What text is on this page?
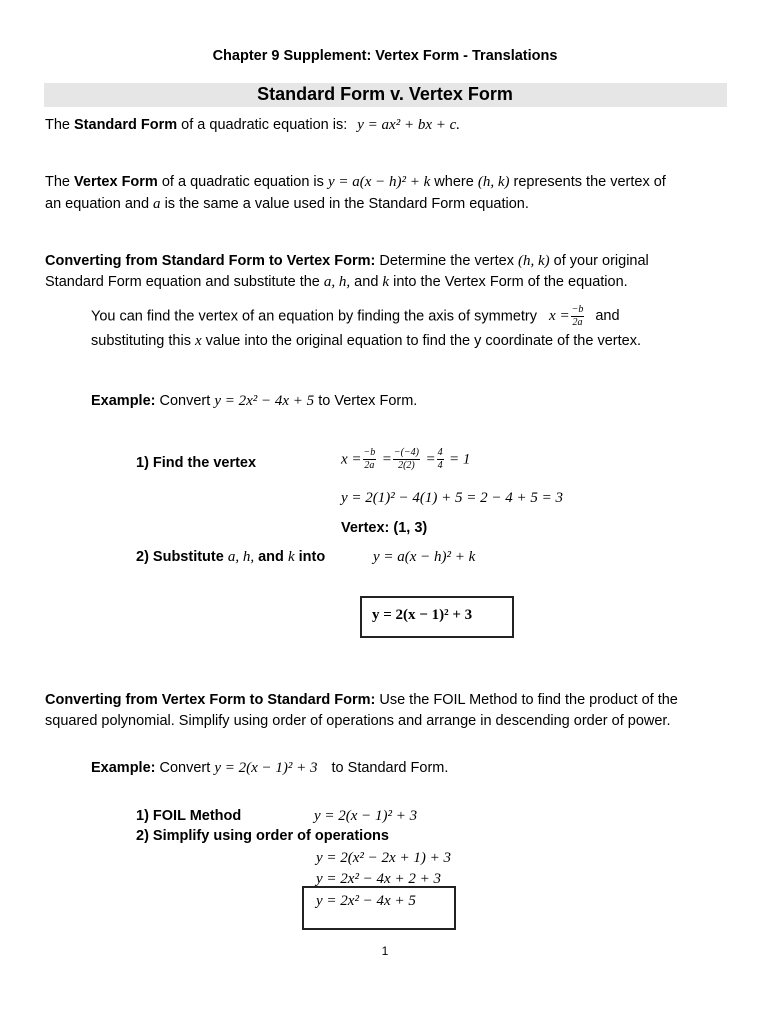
Chapter 9 Supplement: Vertex Form - Translations
Standard Form v. Vertex Form
The Standard Form of a quadratic equation is: y = ax² + bx + c.
The Vertex Form of a quadratic equation is y = a(x − h)² + k where (h, k) represents the vertex of
an equation and a is the same a value used in the Standard Form equation.
Converting from Standard Form to Vertex Form: Determine the vertex (h, k) of your original
Standard Form equation and substitute the a, h, and k into the Vertex Form of the equation.
You can find the vertex of an equation by finding the axis of symmetry $x = \frac{-b}{2a}$ and
substituting this x value into the original equation to find the y coordinate of the vertex.
Example: Convert y = 2x² − 4x + 5 to Vertex Form.
1) Find the vertex	$x = \frac{-b}{2a} = \frac{-(-4)}{2(2)} = \frac{4}{4} = 1$
y = 2(1)² − 4(1) + 5 = 2 − 4 + 5 = 3
Vertex: (1, 3)
2) Substitute a, h, and k into	y = a(x − h)² + k
y = 2(x − 1)² + 3
Converting from Vertex Form to Standard Form: Use the FOIL Method to find the product of the
squared polynomial. Simplify using order of operations and arrange in descending order of power.
Example: Convert y = 2(x − 1)² + 3 to Standard Form.
1) FOIL Method	y = 2(x − 1)² + 3
2) Simplify using order of operations
y = 2(x² − 2x + 1) + 3
y = 2x² − 4x + 2 + 3
y = 2x² − 4x + 5
1
